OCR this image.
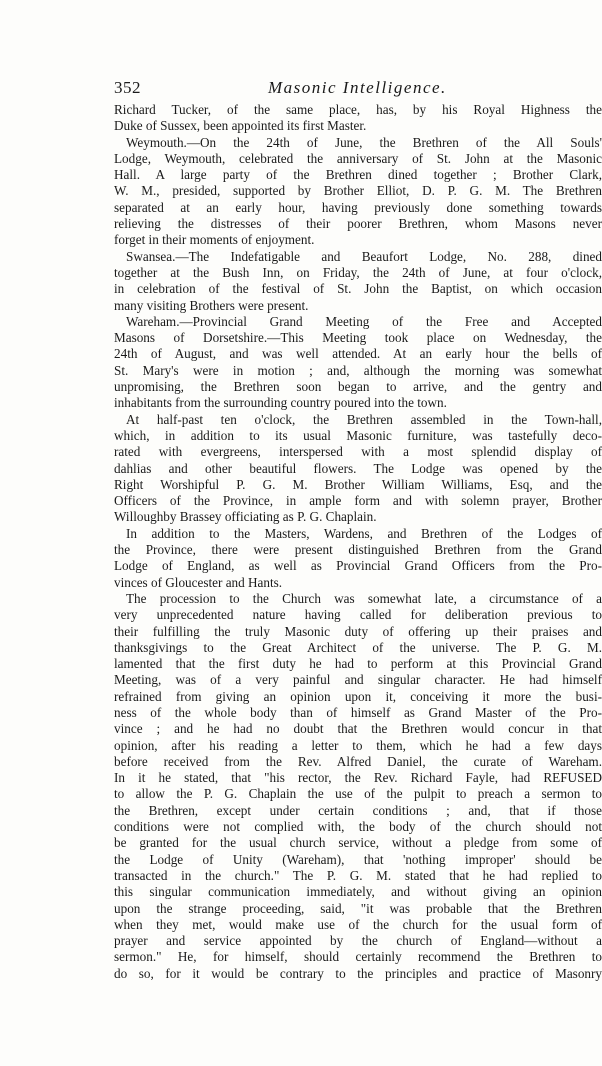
352	Masonic Intelligence.
Richard Tucker, of the same place, has, by his Royal Highness the
Duke of Sussex, been appointed its first Master.
Weymouth.—On the 24th of June, the Brethren of the All Souls'
Lodge, Weymouth, celebrated the anniversary of St. John at the Masonic
Hall. A large party of the Brethren dined together ; Brother Clark,
W. M., presided, supported by Brother Elliot, D. P. G. M. The Brethren
separated at an early hour, having previously done something towards
relieving the distresses of their poorer Brethren, whom Masons never
forget in their moments of enjoyment.
Swansea.—The Indefatigable and Beaufort Lodge, No. 288, dined
together at the Bush Inn, on Friday, the 24th of June, at four o'clock,
in celebration of the festival of St. John the Baptist, on which occasion
many visiting Brothers were present.
Wareham.—Provincial Grand Meeting of the Free and Accepted
Masons of Dorsetshire.—This Meeting took place on Wednesday, the
24th of August, and was well attended. At an early hour the bells of
St. Mary's were in motion ; and, although the morning was somewhat
unpromising, the Brethren soon began to arrive, and the gentry and
inhabitants from the surrounding country poured into the town.
At half-past ten o'clock, the Brethren assembled in the Town-hall,
which, in addition to its usual Masonic furniture, was tastefully deco-
rated with evergreens, interspersed with a most splendid display of
dahlias and other beautiful flowers. The Lodge was opened by the
Right Worshipful P. G. M. Brother William Williams, Esq, and the
Officers of the Province, in ample form and with solemn prayer, Brother
Willoughby Brassey officiating as P. G. Chaplain.
In addition to the Masters, Wardens, and Brethren of the Lodges of
the Province, there were present distinguished Brethren from the Grand
Lodge of England, as well as Provincial Grand Officers from the Pro-
vinces of Gloucester and Hants.
The procession to the Church was somewhat late, a circumstance of a
very unprecedented nature having called for deliberation previous to
their fulfilling the truly Masonic duty of offering up their praises and
thanksgivings to the Great Architect of the universe. The P. G. M.
lamented that the first duty he had to perform at this Provincial Grand
Meeting, was of a very painful and singular character. He had himself
refrained from giving an opinion upon it, conceiving it more the busi-
ness of the whole body than of himself as Grand Master of the Pro-
vince ; and he had no doubt that the Brethren would concur in that
opinion, after his reading a letter to them, which he had a few days
before received from the Rev. Alfred Daniel, the curate of Wareham.
In it he stated, that "his rector, the Rev. Richard Fayle, had REFUSED
to allow the P. G. Chaplain the use of the pulpit to preach a sermon to
the Brethren, except under certain conditions ; and, that if those
conditions were not complied with, the body of the church should not
be granted for the usual church service, without a pledge from some of
the Lodge of Unity (Wareham), that 'nothing improper' should be
transacted in the church." The P. G. M. stated that he had replied to
this singular communication immediately, and without giving an opinion
upon the strange proceeding, said, "it was probable that the Brethren
when they met, would make use of the church for the usual form of
prayer and service appointed by the church of England—without a
sermon." He, for himself, should certainly recommend the Brethren to
do so, for it would be contrary to the principles and practice of Masonry
